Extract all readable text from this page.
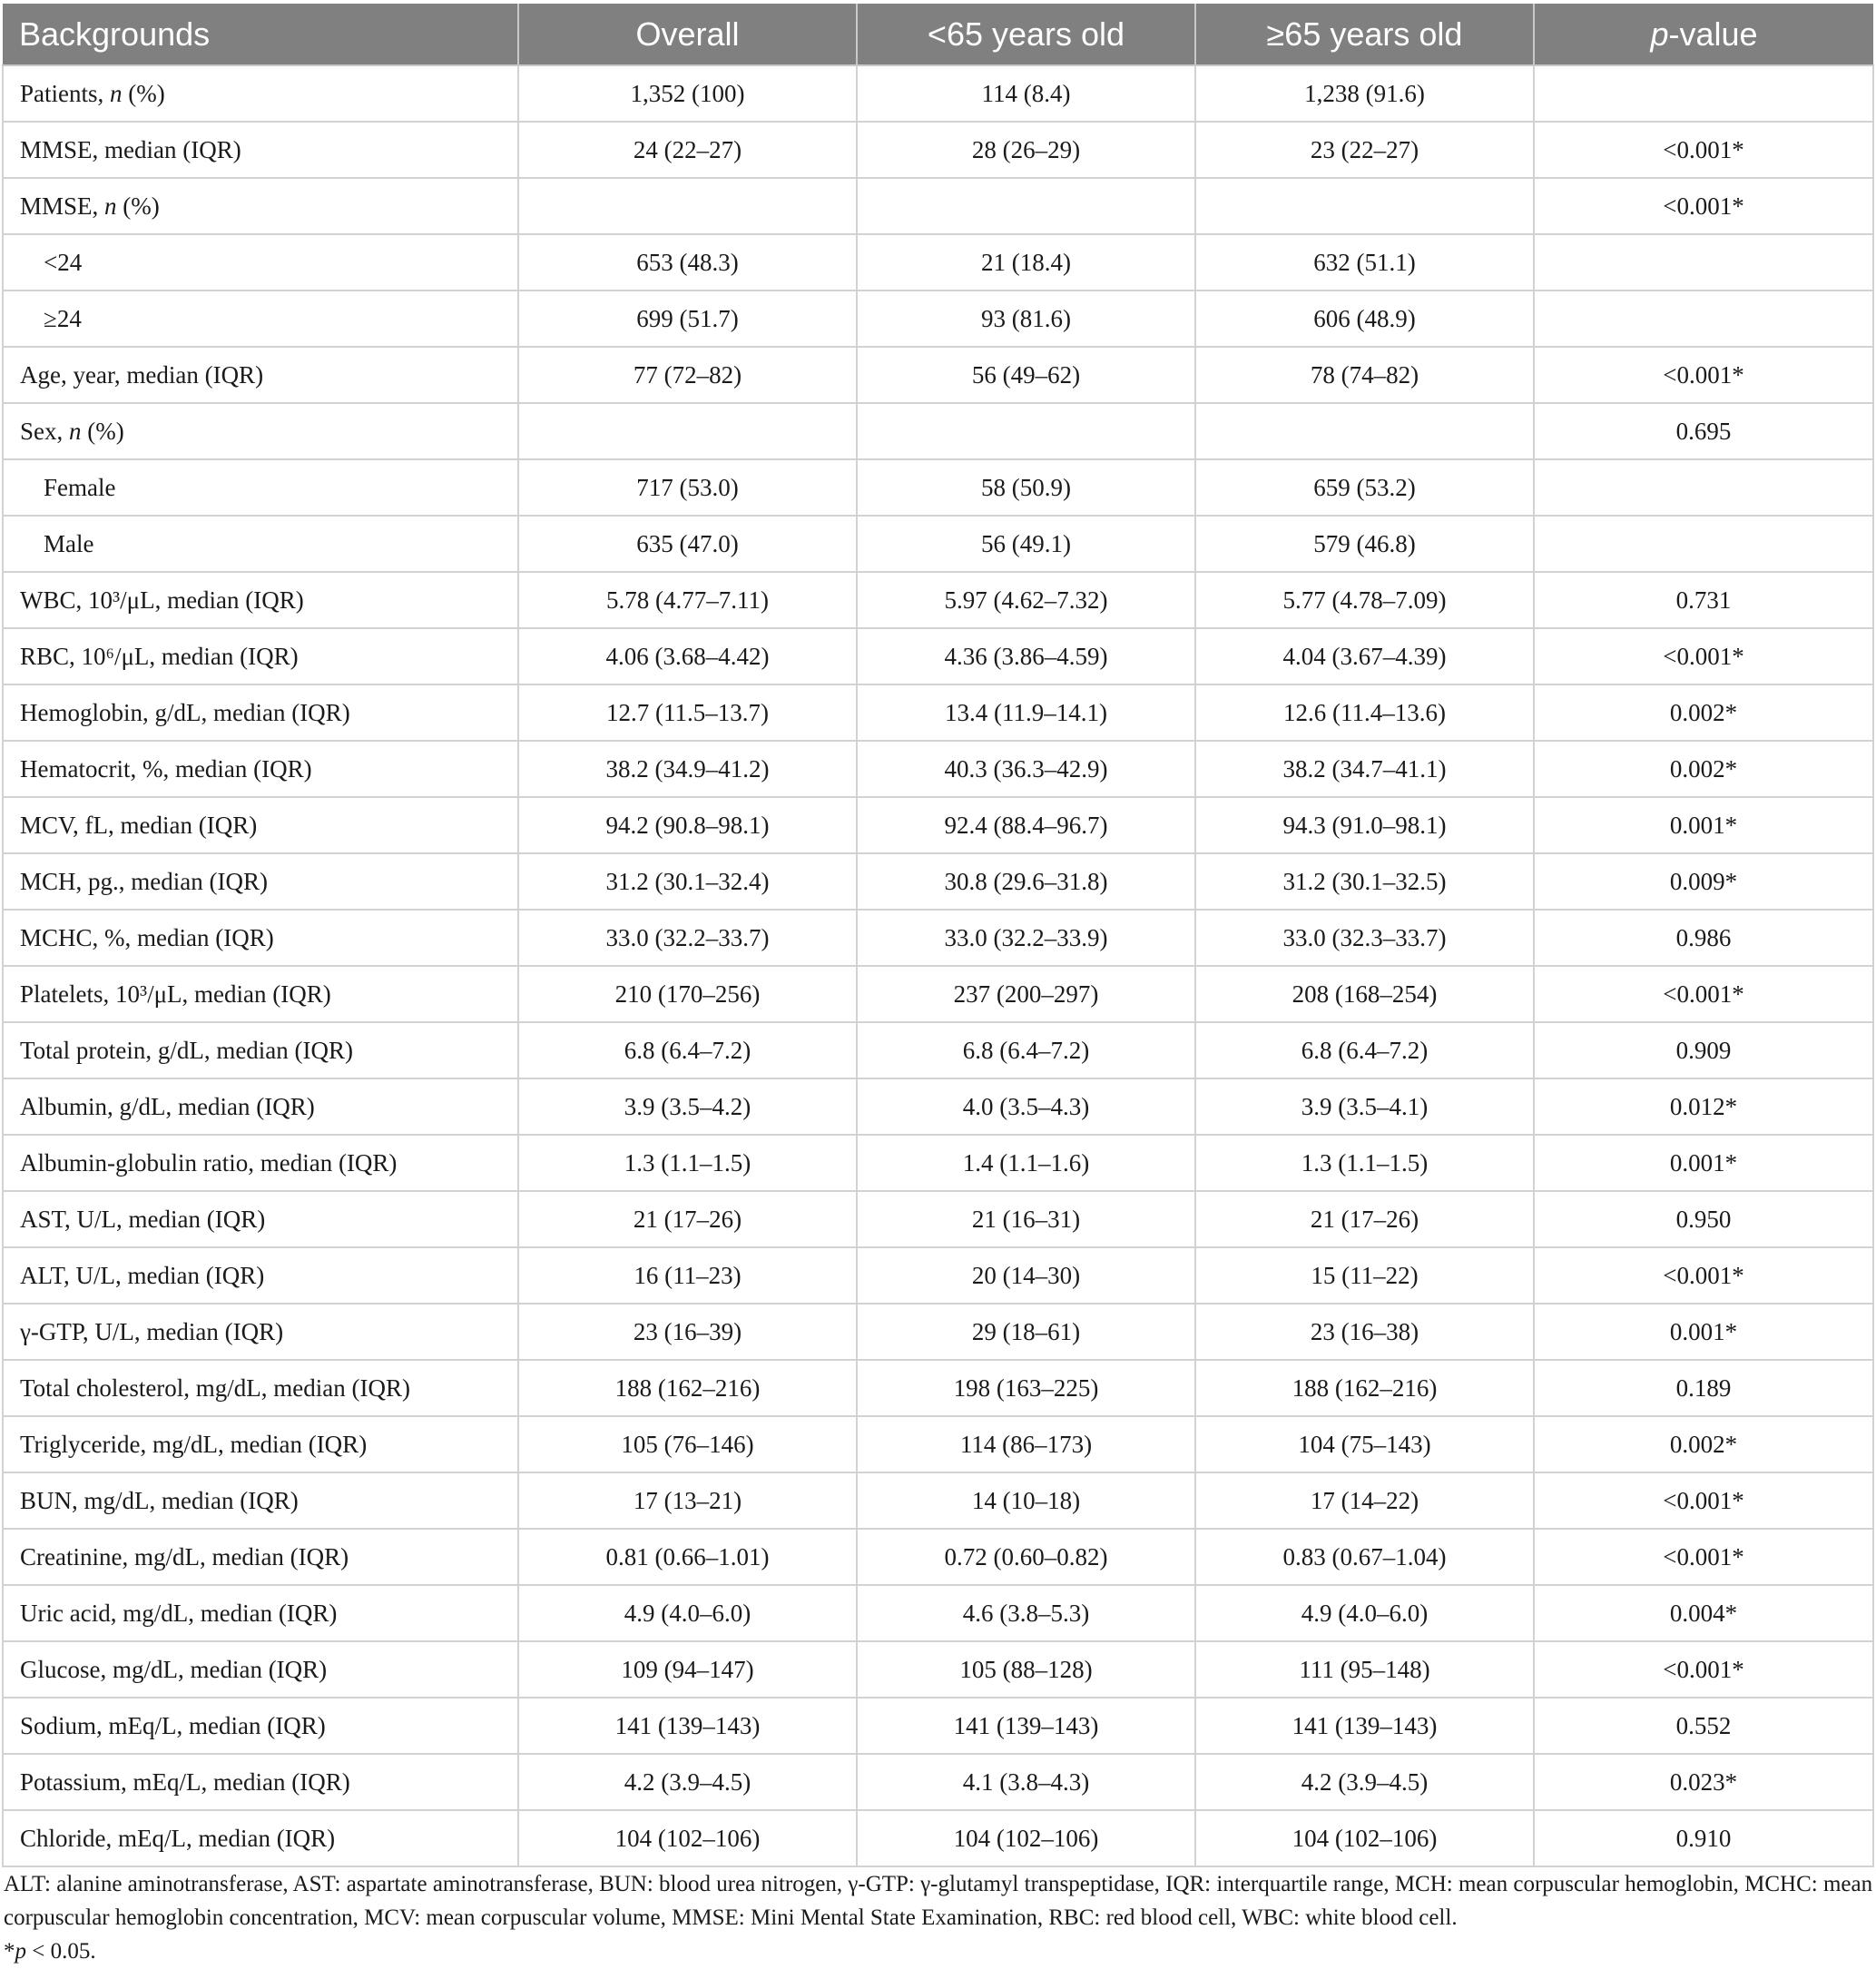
Backgrounds	Overall	<65 years old	≥65 years old	p-value
Patients, n (%)	1,352 (100)	114 (8.4)	1,238 (91.6)	
MMSE, median (IQR)	24 (22–27)	28 (26–29)	23 (22–27)	<0.001*
MMSE, n (%)				<0.001*
<24	653 (48.3)	21 (18.4)	632 (51.1)	
≥24	699 (51.7)	93 (81.6)	606 (48.9)	
Age, year, median (IQR)	77 (72–82)	56 (49–62)	78 (74–82)	<0.001*
Sex, n (%)				0.695
Female	717 (53.0)	58 (50.9)	659 (53.2)	
Male	635 (47.0)	56 (49.1)	579 (46.8)	
WBC, 10³/μL, median (IQR)	5.78 (4.77–7.11)	5.97 (4.62–7.32)	5.77 (4.78–7.09)	0.731
RBC, 10⁶/μL, median (IQR)	4.06 (3.68–4.42)	4.36 (3.86–4.59)	4.04 (3.67–4.39)	<0.001*
Hemoglobin, g/dL, median (IQR)	12.7 (11.5–13.7)	13.4 (11.9–14.1)	12.6 (11.4–13.6)	0.002*
Hematocrit, %, median (IQR)	38.2 (34.9–41.2)	40.3 (36.3–42.9)	38.2 (34.7–41.1)	0.002*
MCV, fL, median (IQR)	94.2 (90.8–98.1)	92.4 (88.4–96.7)	94.3 (91.0–98.1)	0.001*
MCH, pg., median (IQR)	31.2 (30.1–32.4)	30.8 (29.6–31.8)	31.2 (30.1–32.5)	0.009*
MCHC, %, median (IQR)	33.0 (32.2–33.7)	33.0 (32.2–33.9)	33.0 (32.3–33.7)	0.986
Platelets, 10³/μL, median (IQR)	210 (170–256)	237 (200–297)	208 (168–254)	<0.001*
Total protein, g/dL, median (IQR)	6.8 (6.4–7.2)	6.8 (6.4–7.2)	6.8 (6.4–7.2)	0.909
Albumin, g/dL, median (IQR)	3.9 (3.5–4.2)	4.0 (3.5–4.3)	3.9 (3.5–4.1)	0.012*
Albumin-globulin ratio, median (IQR)	1.3 (1.1–1.5)	1.4 (1.1–1.6)	1.3 (1.1–1.5)	0.001*
AST, U/L, median (IQR)	21 (17–26)	21 (16–31)	21 (17–26)	0.950
ALT, U/L, median (IQR)	16 (11–23)	20 (14–30)	15 (11–22)	<0.001*
γ-GTP, U/L, median (IQR)	23 (16–39)	29 (18–61)	23 (16–38)	0.001*
Total cholesterol, mg/dL, median (IQR)	188 (162–216)	198 (163–225)	188 (162–216)	0.189
Triglyceride, mg/dL, median (IQR)	105 (76–146)	114 (86–173)	104 (75–143)	0.002*
BUN, mg/dL, median (IQR)	17 (13–21)	14 (10–18)	17 (14–22)	<0.001*
Creatinine, mg/dL, median (IQR)	0.81 (0.66–1.01)	0.72 (0.60–0.82)	0.83 (0.67–1.04)	<0.001*
Uric acid, mg/dL, median (IQR)	4.9 (4.0–6.0)	4.6 (3.8–5.3)	4.9 (4.0–6.0)	0.004*
Glucose, mg/dL, median (IQR)	109 (94–147)	105 (88–128)	111 (95–148)	<0.001*
Sodium, mEq/L, median (IQR)	141 (139–143)	141 (139–143)	141 (139–143)	0.552
Potassium, mEq/L, median (IQR)	4.2 (3.9–4.5)	4.1 (3.8–4.3)	4.2 (3.9–4.5)	0.023*
Chloride, mEq/L, median (IQR)	104 (102–106)	104 (102–106)	104 (102–106)	0.910

ALT: alanine aminotransferase, AST: aspartate aminotransferase, BUN: blood urea nitrogen, γ-GTP: γ-glutamyl transpeptidase, IQR: interquartile range, MCH: mean corpuscular hemoglobin, MCHC: mean corpuscular hemoglobin concentration, MCV: mean corpuscular volume, MMSE: Mini Mental State Examination, RBC: red blood cell, WBC: white blood cell.

*p < 0.05.
